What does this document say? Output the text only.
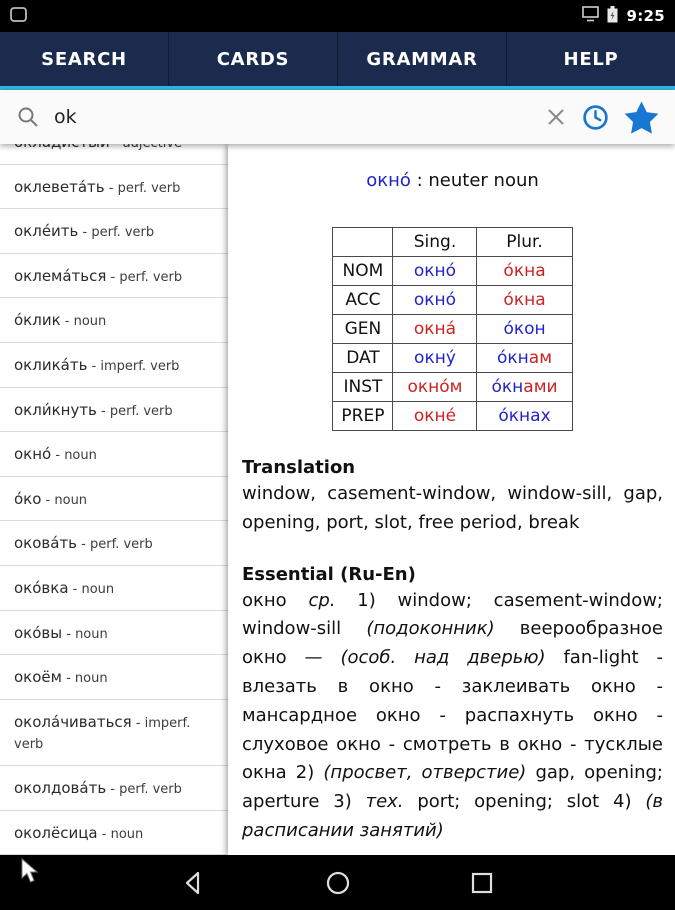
9:25
SEARCH	CARDS	GRAMMAR	HELP
ok
оклевета́ть - perf. verb
окле́ить - perf. verb
оклема́ться - perf. verb
о́клик - noun
оклика́ть - imperf. verb
окли́кнуть - perf. verb
окно́ - noun
о́ко - noun
окова́ть - perf. verb
око́вка - noun
око́вы - noun
окоём - noun
окола́чиваться - imperf. verb
околдова́ть - perf. verb
околёсица - noun
окно́ : neuter noun
	Sing.	Plur.
NOM	окно́	о́кна
ACC	окно́	о́кна
GEN	окна́	о́кон
DAT	окну́	о́кнам
INST	окно́м	о́кнами
PREP	окне́	о́кнах
Translation
window, casement-window, window-sill, gap, opening, port, slot, free period, break
Essential (Ru-En)
окно ср. 1) window; casement-window; window-sill (подоконник) веерообразное окно — (особ. над дверью) fan-light - влезать в окно - заклеивать окно - мансардное окно - распахнуть окно - слуховое окно - смотреть в окно - тусклые окна 2) (просвет, отверстие) gap, opening; aperture 3) тех. port; opening; slot 4) (в расписании занятий)
